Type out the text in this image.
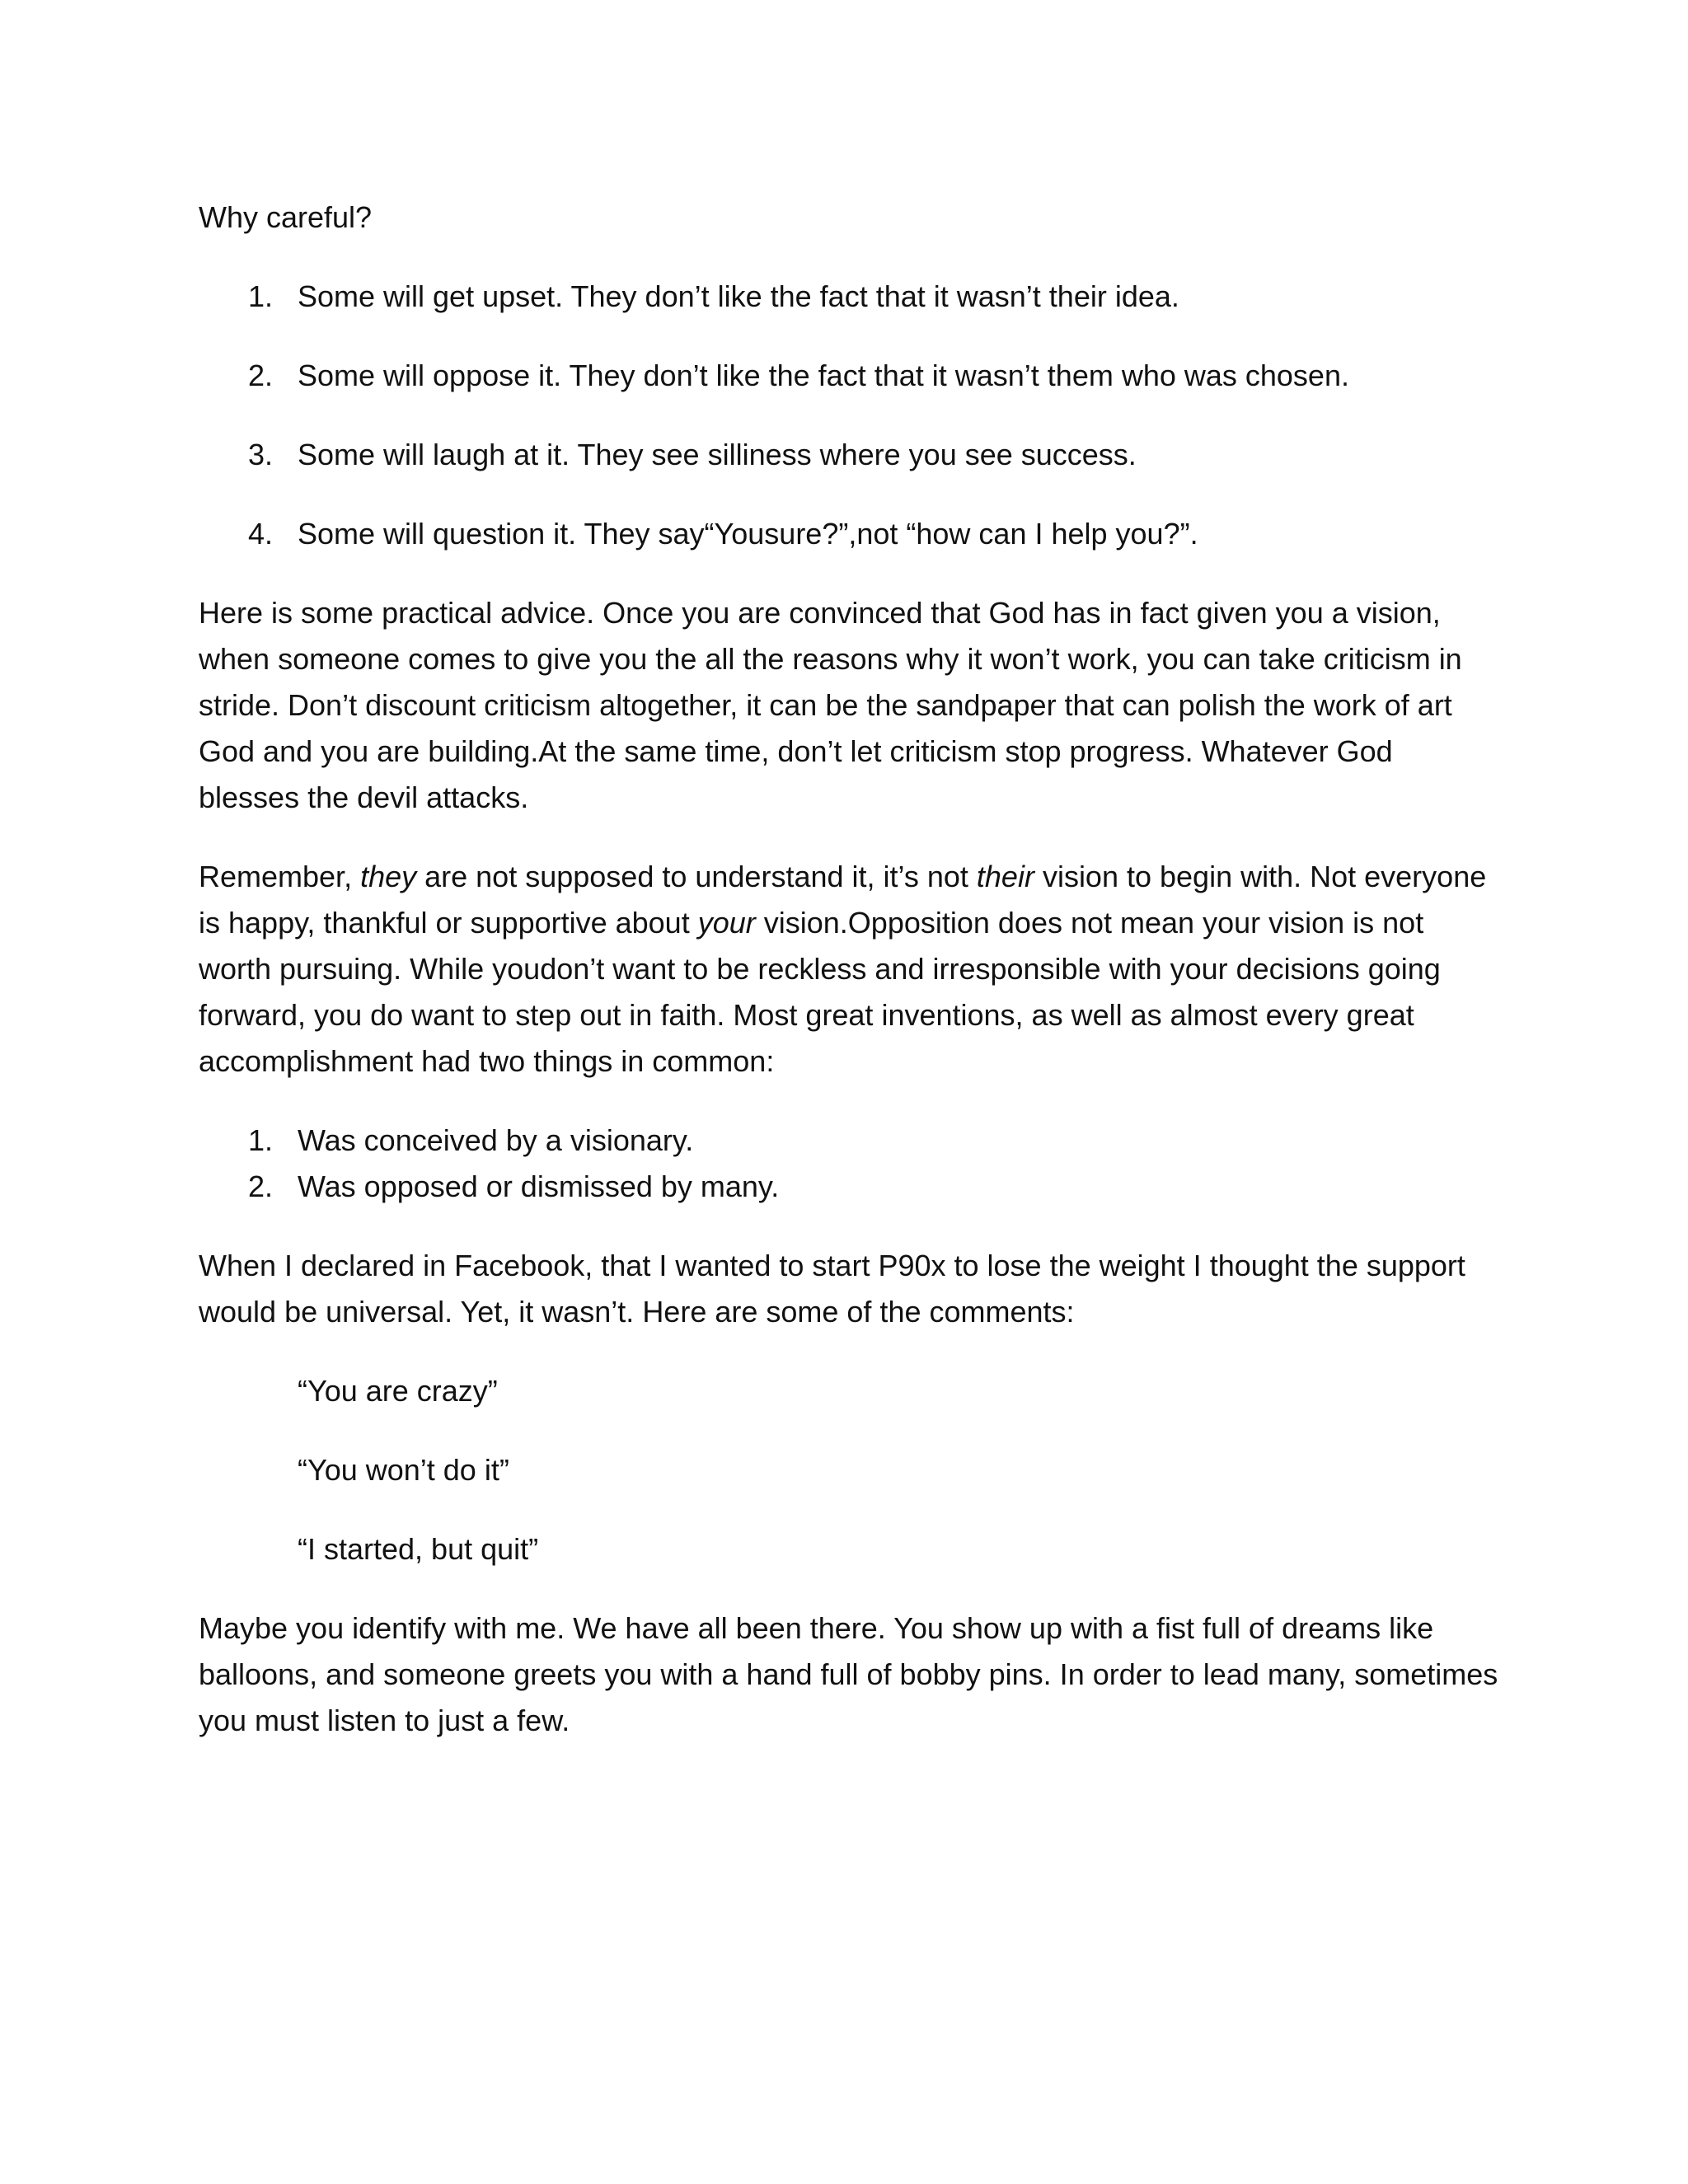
Why careful?

1. Some will get upset. They don’t like the fact that it wasn’t their idea.
2. Some will oppose it. They don’t like the fact that it wasn’t them who was chosen.
3. Some will laugh at it. They see silliness where you see success.
4. Some will question it. They say“Yousure?”,not “how can I help you?”.

Here is some practical advice. Once you are convinced that God has in fact given you a vision, when someone comes to give you the all the reasons why it won’t work, you can take criticism in stride. Don’t discount criticism altogether, it can be the sandpaper that can polish the work of art God and you are building.At the same time, don’t let criticism stop progress. Whatever God blesses the devil attacks.

Remember, they are not supposed to understand it, it’s not their vision to begin with. Not everyone is happy, thankful or supportive about your vision.Opposition does not mean your vision is not worth pursuing. While youdon’t want to be reckless and irresponsible with your decisions going forward, you do want to step out in faith. Most great inventions, as well as almost every great accomplishment had two things in common:

1. Was conceived by a visionary.
2. Was opposed or dismissed by many.

When I declared in Facebook, that I wanted to start P90x to lose the weight I thought the support would be universal. Yet, it wasn’t. Here are some of the comments:

“You are crazy”

“You won’t do it”

“I started, but quit”

Maybe you identify with me. We have all been there. You show up with a fist full of dreams like balloons, and someone greets you with a hand full of bobby pins. In order to lead many, sometimes you must listen to just a few.
